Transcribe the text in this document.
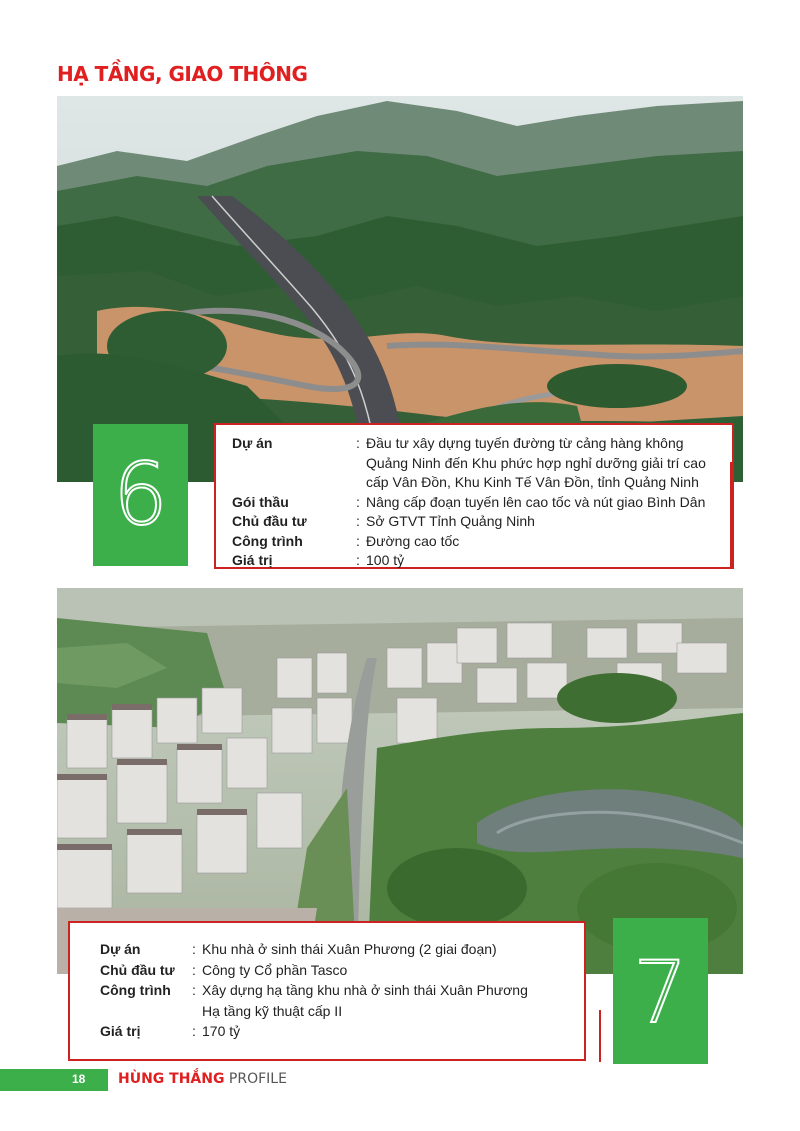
HẠ TẦNG, GIAO THÔNG
6
Dự án	: Đầu tư xây dựng tuyến đường từ cảng hàng không Quảng Ninh đến Khu phức hợp nghỉ dưỡng giải trí cao cấp Vân Đồn, Khu Kinh Tế Vân Đồn, tỉnh Quảng Ninh
Gói thầu	: Nâng cấp đoạn tuyến lên cao tốc và nút giao Bình Dân
Chủ đầu tư	: Sở GTVT Tỉnh Quảng Ninh
Công trình	: Đường cao tốc
Giá trị	: 100 tỷ
Dự án	: Khu nhà ở sinh thái Xuân Phương (2 giai đoạn)
Chủ đầu tư	: Công ty Cổ phần Tasco
Công trình	: Xây dựng hạ tầng khu nhà ở sinh thái Xuân Phương
Hạ tầng kỹ thuật cấp II
Giá trị	: 170 tỷ	7
18 HÙNG THẮNG PROFILE
